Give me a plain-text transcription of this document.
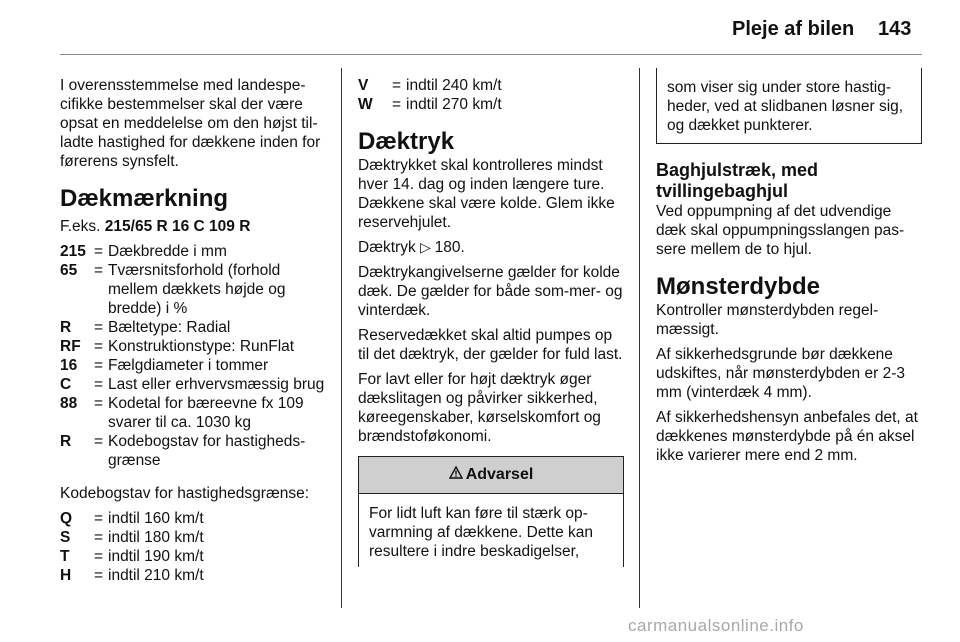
Pleje af bilen 143

I overensstemmelse med landespe-cifikke bestemmelser skal der være opsat en meddelelse om den højst til-ladte hastighed for dækkene inden for førerens synsfelt.

Dækmærkning

F.eks. 215/65 R 16 C 109 R

215 = Dækbredde i mm
65	= Tværsnitsforhold (forhold mellem dækkets højde og bredde) i %
R	= Bæltetype: Radial
RF = Konstruktionstype: RunFlat
16	= Fælgdiameter i tommer
C	= Last eller erhvervsmæssig brug
88	= Kodetal for bæreevne fx 109 svarer til ca. 1030 kg
R	= Kodebogstav for hastigheds-grænse

Kodebogstav for hastighedsgrænse:

Q	= indtil 160 km/t
S	= indtil 180 km/t
T	= indtil 190 km/t
H	= indtil 210 km/t
V	= indtil 240 km/t
W	= indtil 270 km/t
Dæktryk

Dæktrykket skal kontrolleres mindst hver 14. dag og inden længere ture. Dækkene skal være kolde. Glem ikke reservehjulet.

Dæktryk ▷ 180.

Dæktrykangivelserne gælder for kolde dæk. De gælder for både som-mer- og vinterdæk.

Reservedækket skal altid pumpes op til det dæktryk, der gælder for fuld last.

For lavt eller for højt dæktryk øger dækslitagen og påvirker sikkerhed, køreegenskaber, kørselskomfort og brændstoføkonomi.

Advarsel

For lidt luft kan føre til stærk op-varmning af dækkene. Dette kan resultere i indre beskadigelser,

som viser sig under store hastig-heder, ved at slidbanen løsner sig, og dækket punkterer.

Baghjulstræk, med tvillingebaghjul

Ved oppumpning af det udvendige dæk skal oppumpningsslangen pas-sere mellem de to hjul.

Mønsterdybde

Kontroller mønsterdybden regel-mæssigt.

Af sikkerhedsgrunde bør dækkene udskiftes, når mønsterdybden er 2-3 mm (vinterdæk 4 mm).

Af sikkerhedshensyn anbefales det, at dækkenes mønsterdybde på én aksel ikke varierer mere end 2 mm.

carmanualsonline.info
